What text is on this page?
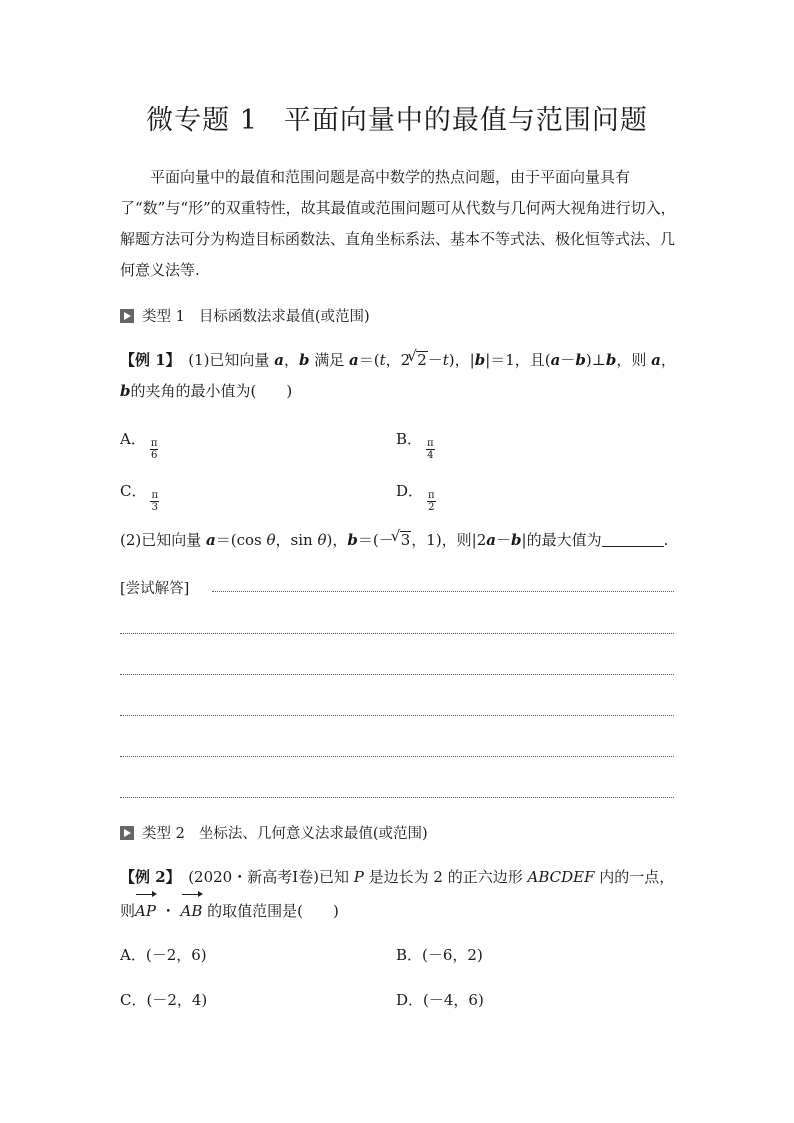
微专题 1 平面向量中的最值与范围问题
平面向量中的最值和范围问题是高中数学的热点问题，由于平面向量具有了“数”与“形”的双重特性，故其最值或范围问题可从代数与几何两大视角进行切入，解题方法可分为构造目标函数法、直角坐标系法、基本不等式法、极化恒等式法、几何意义法等.
类型 1 目标函数法求最值(或范围)
【例 1】　 (1)已知向量 a，b 满足 a＝(t，2 √ 2－t)，|b|＝1，且(a－b)⊥b，则 a，b的夹角的最小值为(　　)
A． $\frac{\pi}{6}$	B． $\frac{\pi}{4}$
C． $\frac{\pi}{3}$	D． $\frac{\pi}{2}$
(2)已知向量 a＝(cos θ，sin θ)，b＝(－ √ 3，1)，则|2a－b|的最大值为	.
[尝试解答]
类型 2 坐标法、几何意义法求最值(或范围)
【例 2】　 (2020・新高考Ⅰ卷)已知 P 是边长为 2 的正六边形 ABCDEF 内的一点，
则AP ・ AB 的取值范围是(　　)
A．(－2，6)	B．(－6，2)
C．(－2，4)	D．(－4，6)
